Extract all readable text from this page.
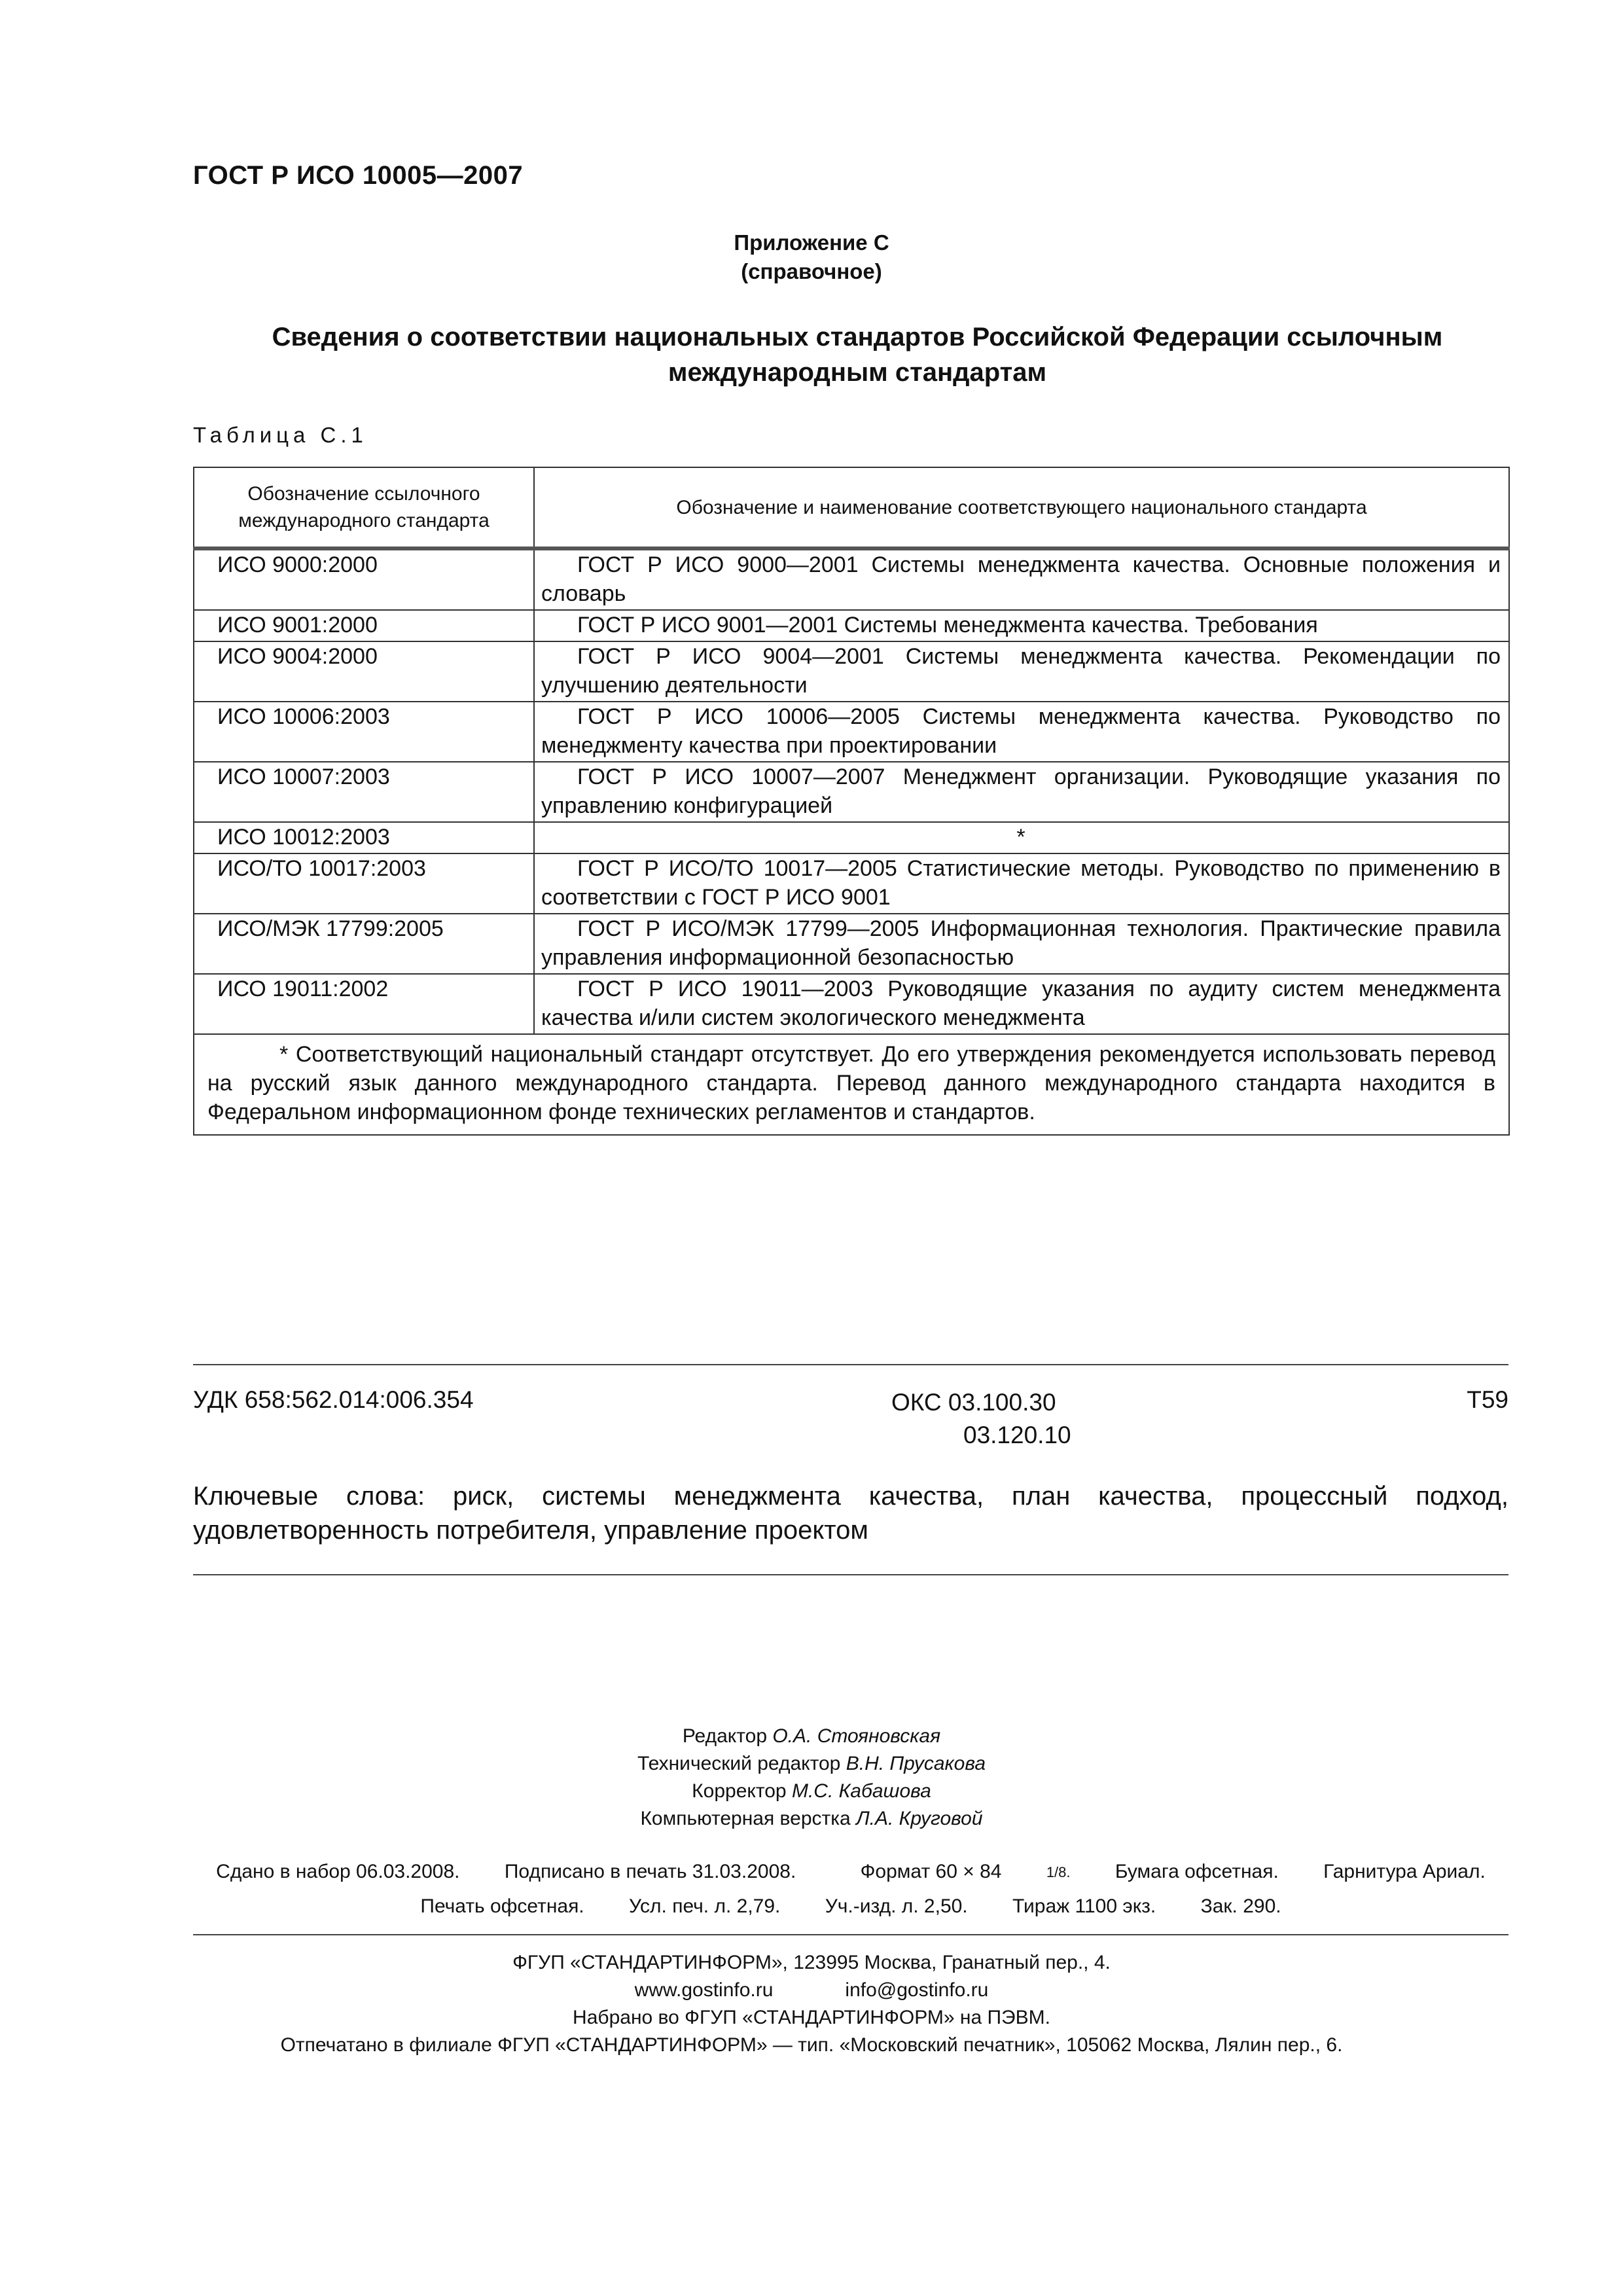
ГОСТ Р ИСО 10005—2007
Приложение С
(справочное)
Сведения о соответствии национальных стандартов Российской Федерации ссылочным
международным стандартам
Таблица С.1
Обозначение ссылочного международного стандарта	Обозначение и наименование соответствующего национального стандарта
ИСО 9000:2000	ГОСТ Р ИСО 9000—2001 Системы менеджмента качества. Основные положения и словарь

ИСО 9001:2000	ГОСТ Р ИСО 9001—2001 Системы менеджмента качества. Требования

ИСО 9004:2000	ГОСТ Р ИСО 9004—2001 Системы менеджмента качества. Рекомендации по улучшению деятельности

ИСО 10006:2003	ГОСТ Р ИСО 10006—2005 Системы менеджмента качества. Руководство по менеджменту качества при проектировании

ИСО 10007:2003	ГОСТ Р ИСО 10007—2007 Менеджмент организации. Руководящие указания по управлению конфигурацией

ИСО 10012:2003	*
ИСО/ТО 10017:2003	ГОСТ Р ИСО/ТО 10017—2005 Статистические методы. Руководство по применению в соответствии с ГОСТ Р ИСО 9001

ИСО/МЭК 17799:2005	ГОСТ Р ИСО/МЭК 17799—2005 Информационная технология. Практические правила управления информационной безопасностью

ИСО 19011:2002	ГОСТ Р ИСО 19011—2003 Руководящие указания по аудиту систем менеджмента качества и/или систем экологического менеджмента

* Соответствующий национальный стандарт отсутствует. До его утверждения рекомендуется использовать перевод на русский язык данного международного стандарта. Перевод данного международного стандарта находится в Федеральном информационном фонде технических регламентов и стандартов.	
УДК 658:562.014:006.354	ОКС 03.100.30
03.120.10
Т59
Ключевые слова: риск, системы менеджмента качества, план качества, процессный подход, удовлетворенность потребителя, управление проектом
Редактор О.А. Стояновская
Технический редактор В.Н. Прусакова
Корректор М.С. Кабашова
Компьютерная верстка Л.А. Круговой
Сдано в набор 06.03.2008. Подписано в печать 31.03.2008.	Формат 60 × 84	1/8. Бумага офсетная. Гарнитура Ариал.
Печать офсетная. Усл. печ. л. 2,79. Уч.-изд. л. 2,50. Тираж 1100 экз. Зак. 290.
ФГУП «СТАНДАРТИНФОРМ», 123995 Москва, Гранатный пер., 4.
www.gostinfo.ru	info@gostinfo.ru
Набрано во ФГУП «СТАНДАРТИНФОРМ» на ПЭВМ.
Отпечатано в филиале ФГУП «СТАНДАРТИНФОРМ» — тип. «Московский печатник», 105062 Москва, Лялин пер., 6.
